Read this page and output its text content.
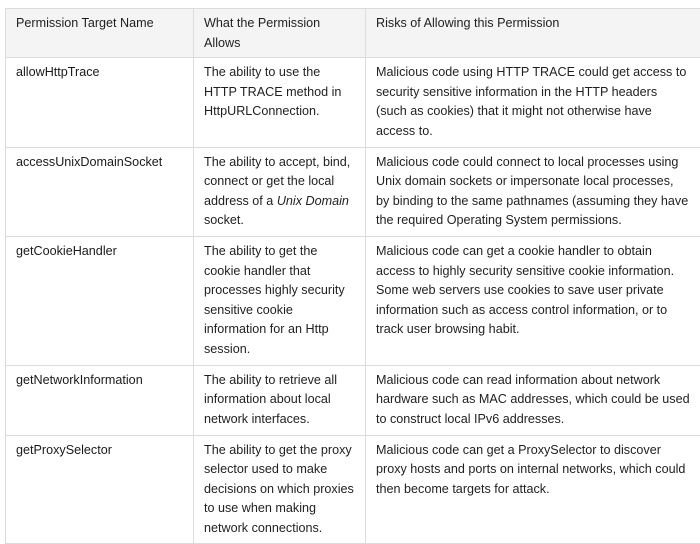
Permission Target Name	What the Permission Allows	Risks of Allowing this Permission
allowHttpTrace	The ability to use the HTTP TRACE method in HttpURLConnection.	Malicious code using HTTP TRACE could get access to security sensitive information in the HTTP headers (such as cookies) that it might not otherwise have access to.
accessUnixDomainSocket	The ability to accept, bind, connect or get the local address of a Unix Domain socket.	Malicious code could connect to local processes using Unix domain sockets or impersonate local processes, by binding to the same pathnames (assuming they have the required Operating System permissions.
getCookieHandler	The ability to get the cookie handler that processes highly security sensitive cookie information for an Http session.	Malicious code can get a cookie handler to obtain access to highly security sensitive cookie information. Some web servers use cookies to save user private information such as access control information, or to track user browsing habit.
getNetworkInformation	The ability to retrieve all information about local network interfaces.	Malicious code can read information about network hardware such as MAC addresses, which could be used to construct local IPv6 addresses.
getProxySelector	The ability to get the proxy selector used to make decisions on which proxies to use when making network connections.	Malicious code can get a ProxySelector to discover proxy hosts and ports on internal networks, which could then become targets for attack.
